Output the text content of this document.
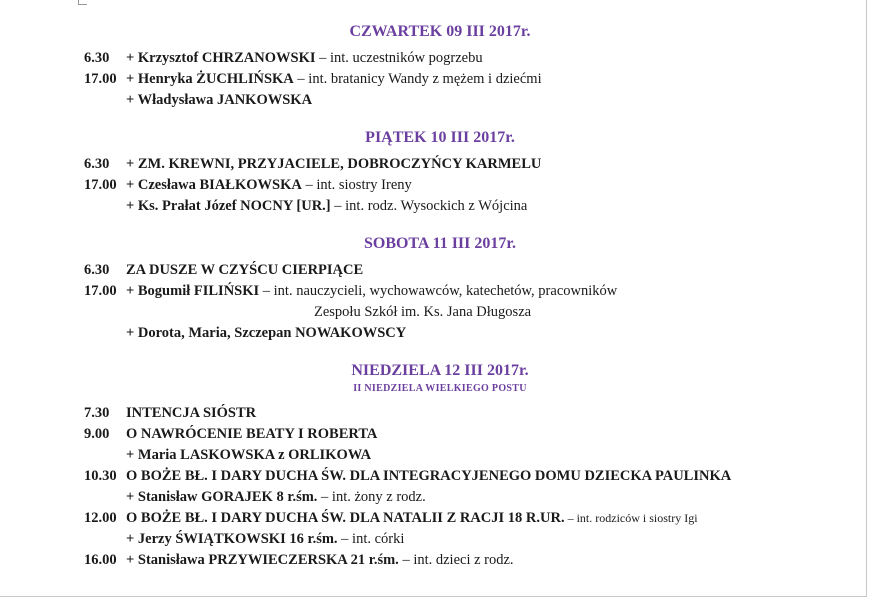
CZWARTEK 09 III 2017r.
6.30	+ Krzysztof CHRZANOWSKI – int. uczestników pogrzebu
17.00 + Henryka ŻUCHLIŃSKA – int. bratanicy Wandy z mężem i dziećmi
+ Władysława JANKOWSKA
PIĄTEK 10 III 2017r.
6.30	+ ZM. KREWNI, PRZYJACIELE, DOBROCZYŃCY KARMELU
17.00 + Czesława BIAŁKOWSKA – int. siostry Ireny
+ Ks. Prałat Józef NOCNY [UR.] – int. rodz. Wysockich z Wójcina
SOBOTA 11 III 2017r.
6.30	ZA DUSZE W CZYŚCU CIERPIĄCE
17.00 + Bogumił FILIŃSKI – int. nauczycieli, wychowawców, katechetów, pracowników
Zespołu Szkół im. Ks. Jana Długosza
+ Dorota, Maria, Szczepan NOWAKOWSCY
NIEDZIELA 12 III 2017r.
II NIEDZIELA WIELKIEGO POSTU
7.30	INTENCJA SIÓSTR
9.00	O NAWRÓCENIE BEATY I ROBERTA
+ Maria LASKOWSKA z ORLIKOWA
10.30 O BOŻE BŁ. I DARY DUCHA ŚW. DLA INTEGRACYJENEGO DOMU DZIECKA PAULINKA
+ Stanisław GORAJEK 8 r.śm. – int. żony z rodz.
12.00 O BOŻE BŁ. I DARY DUCHA ŚW. DLA NATALII Z RACJI 18 R.UR. – int. rodziców i siostry Igi
+ Jerzy ŚWIĄTKOWSKI 16 r.śm. – int. córki
16.00 + Stanisława PRZYWIECZERSKA 21 r.śm. – int. dzieci z rodz.
